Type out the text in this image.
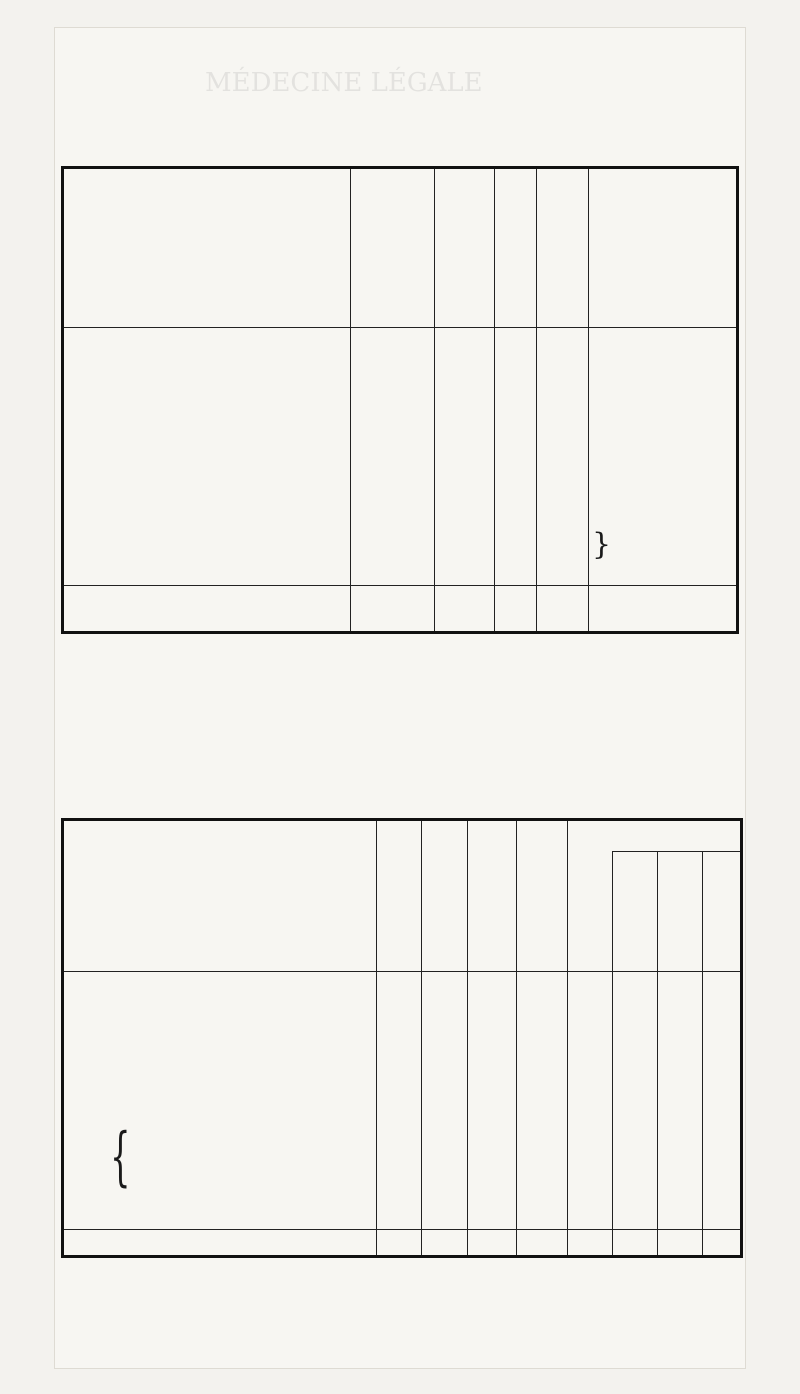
MÉDECINE LÉGALE
}
{
